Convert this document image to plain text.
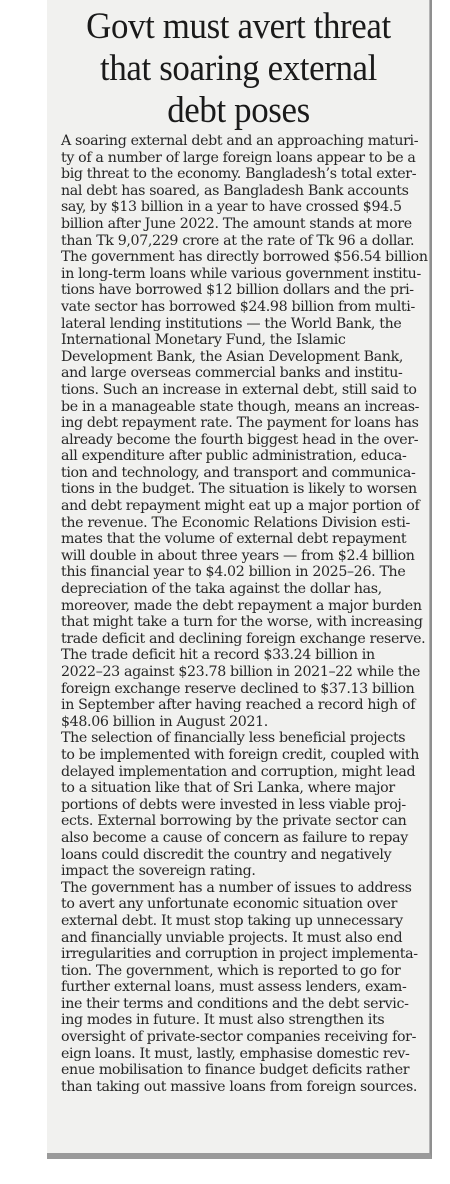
Govt must avert threat
that soaring external
debt poses

A soaring external debt and an approaching maturi-
ty of a number of large foreign loans appear to be a
big threat to the economy. Bangladesh’s total exter-
nal debt has soared, as Bangladesh Bank accounts
say, by $13 billion in a year to have crossed $94.5
billion after June 2022. The amount stands at more
than Tk 9,07,229 crore at the rate of Tk 96 a dollar.
The government has directly borrowed $56.54 billion
in long-term loans while various government institu-
tions have borrowed $12 billion dollars and the pri-
vate sector has borrowed $24.98 billion from multi-
lateral lending institutions — the World Bank, the
International Monetary Fund, the Islamic
Development Bank, the Asian Development Bank,
and large overseas commercial banks and institu-
tions. Such an increase in external debt, still said to
be in a manageable state though, means an increas-
ing debt repayment rate. The payment for loans has
already become the fourth biggest head in the over-
all expenditure after public administration, educa-
tion and technology, and transport and communica-
tions in the budget. The situation is likely to worsen
and debt repayment might eat up a major portion of
the revenue. The Economic Relations Division esti-
mates that the volume of external debt repayment
will double in about three years — from $2.4 billion
this financial year to $4.02 billion in 2025–26. The
depreciation of the taka against the dollar has,
moreover, made the debt repayment a major burden
that might take a turn for the worse, with increasing
trade deficit and declining foreign exchange reserve.
The trade deficit hit a record $33.24 billion in
2022–23 against $23.78 billion in 2021–22 while the
foreign exchange reserve declined to $37.13 billion
in September after having reached a record high of
$48.06 billion in August 2021.

The selection of financially less beneficial projects
to be implemented with foreign credit, coupled with
delayed implementation and corruption, might lead
to a situation like that of Sri Lanka, where major
portions of debts were invested in less viable proj-
ects. External borrowing by the private sector can
also become a cause of concern as failure to repay
loans could discredit the country and negatively
impact the sovereign rating.

The government has a number of issues to address
to avert any unfortunate economic situation over
external debt. It must stop taking up unnecessary
and financially unviable projects. It must also end
irregularities and corruption in project implementa-
tion. The government, which is reported to go for
further external loans, must assess lenders, exam-
ine their terms and conditions and the debt servic-
ing modes in future. It must also strengthen its
oversight of private-sector companies receiving for-
eign loans. It must, lastly, emphasise domestic rev-
enue mobilisation to finance budget deficits rather
than taking out massive loans from foreign sources.
